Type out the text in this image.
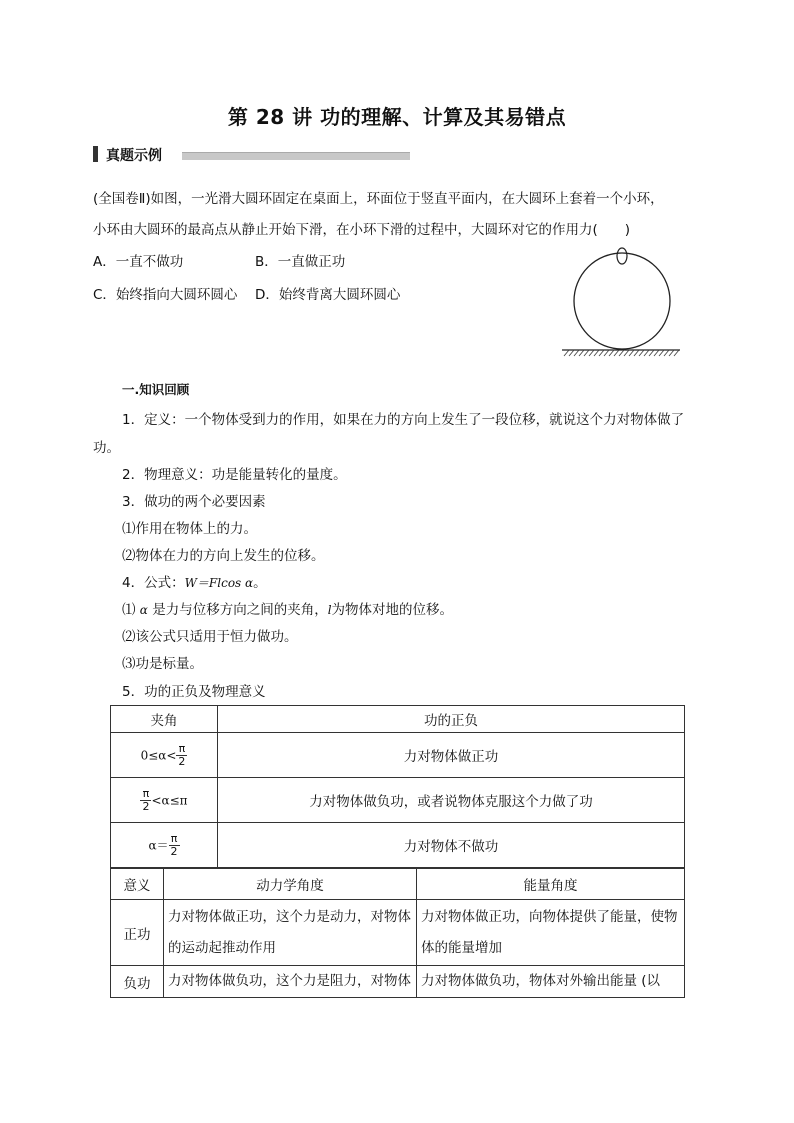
第 28 讲 功的理解、计算及其易错点
真题示例
(全国卷Ⅱ)如图，一光滑大圆环固定在桌面上，环面位于竖直平面内，在大圆环上套着一个小环，
小环由大圆环的最高点从静止开始下滑，在小环下滑的过程中，大圆环对它的作用力(　　)
A．一直不做功	B．一直做正功
C．始终指向大圆环圆心 D．始终背离大圆环圆心
一.知识回顾
1．定义：一个物体受到力的作用，如果在力的方向上发生了一段位移，就说这个力对物体做了
功。
2．物理意义：功是能量转化的量度。
3．做功的两个必要因素
⑴作用在物体上的力。
⑵物体在力的方向上发生的位移。
4．公式：W＝Flcos α。
⑴ α 是力与位移方向之间的夹角，l为物体对地的位移。
⑵该公式只适用于恒力做功。
⑶功是标量。
5．功的正负及物理意义
夹角	功的正负
$0\le\alpha< \frac{\pi}{2}$	力对物体做正功

$\frac{\pi}{2} <\alpha\le\pi$	力对物体做负功，或者说物体克服这个力做了功
$\alpha= \frac{\pi}{2}$	力对物体不做功
意义	动力学角度	能量角度
正功	力对物体做正功，这个力是动力，对物体的运动起推动作用	力对物体做正功，向物体提供了能量，使物体的能量增加
负功	力对物体做负功，这个力是阻力，对物体	力对物体做负功，物体对外输出能量 (以
